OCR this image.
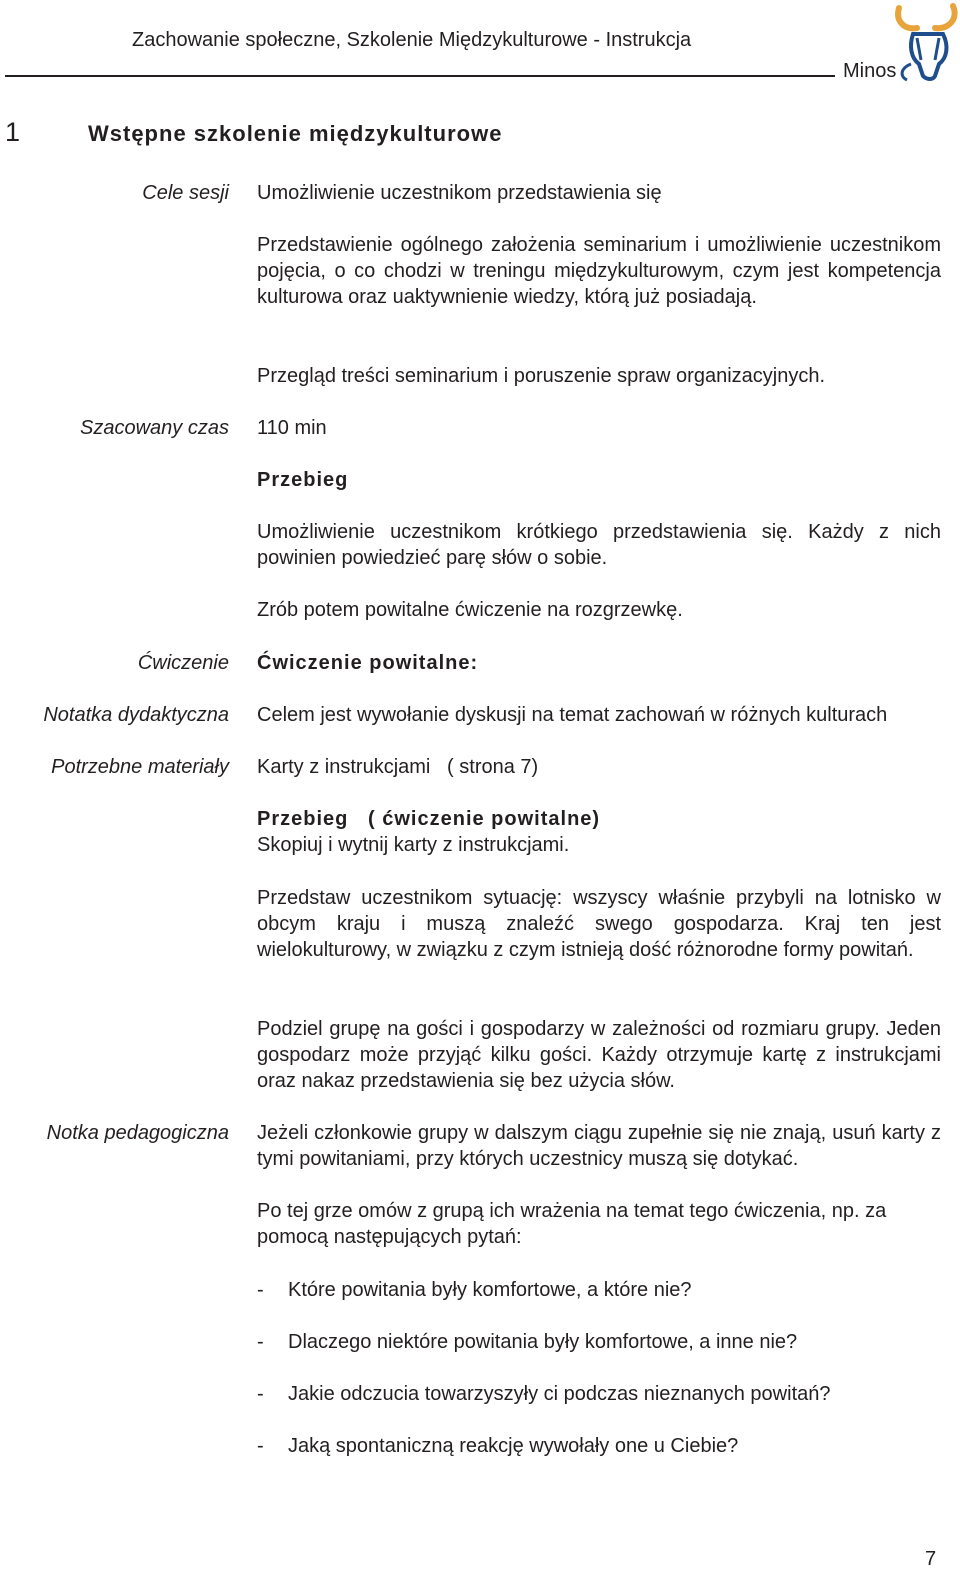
Zachowanie społeczne, Szkolenie Międzykulturowe - Instrukcja
Minos
1	Wstępne szkolenie międzykulturowe
Cele sesji Umożliwienie uczestnikom przedstawienia się
Przedstawienie ogólnego założenia seminarium i umożliwienie uczestnikom pojęcia, o co chodzi w treningu międzykulturowym, czym jest kompetencja kulturowa oraz uaktywnienie wiedzy, którą już posiadają.
Przegląd treści seminarium i poruszenie spraw organizacyjnych.
Szacowany czas 110 min
Przebieg
Umożliwienie uczestnikom krótkiego przedstawienia się. Każdy z nich powinien powiedzieć parę słów o sobie.
Zrób potem powitalne ćwiczenie na rozgrzewkę.
Ćwiczenie Ćwiczenie powitalne:
Notatka dydaktyczna Celem jest wywołanie dyskusji na temat zachowań w różnych kulturach
Potrzebne materiały Karty z instrukcjami   ( strona 7)
Przebieg   ( ćwiczenie powitalne)
Skopiuj i wytnij karty z instrukcjami.
Przedstaw uczestnikom sytuację: wszyscy właśnie przybyli na lotnisko w obcym kraju i muszą znaleźć swego gospodarza. Kraj ten jest wielokulturowy, w związku z czym istnieją dość różnorodne formy powitań.
Podziel grupę na gości i gospodarzy w zależności od rozmiaru grupy. Jeden gospodarz może przyjąć kilku gości. Każdy otrzymuje kartę z instrukcjami oraz nakaz przedstawienia się bez użycia słów.
Notka pedagogiczna Jeżeli członkowie grupy w dalszym ciągu zupełnie się nie znają, usuń karty z tymi powitaniami, przy których uczestnicy muszą się dotykać.
Po tej grze omów z grupą ich wrażenia na temat tego ćwiczenia, np. za pomocą następujących pytań:
- Które powitania były komfortowe, a które nie?
- Dlaczego niektóre powitania były komfortowe, a inne nie?
- Jakie odczucia towarzyszyły ci podczas nieznanych powitań?
- Jaką spontaniczną reakcję wywołały one u Ciebie?
7
